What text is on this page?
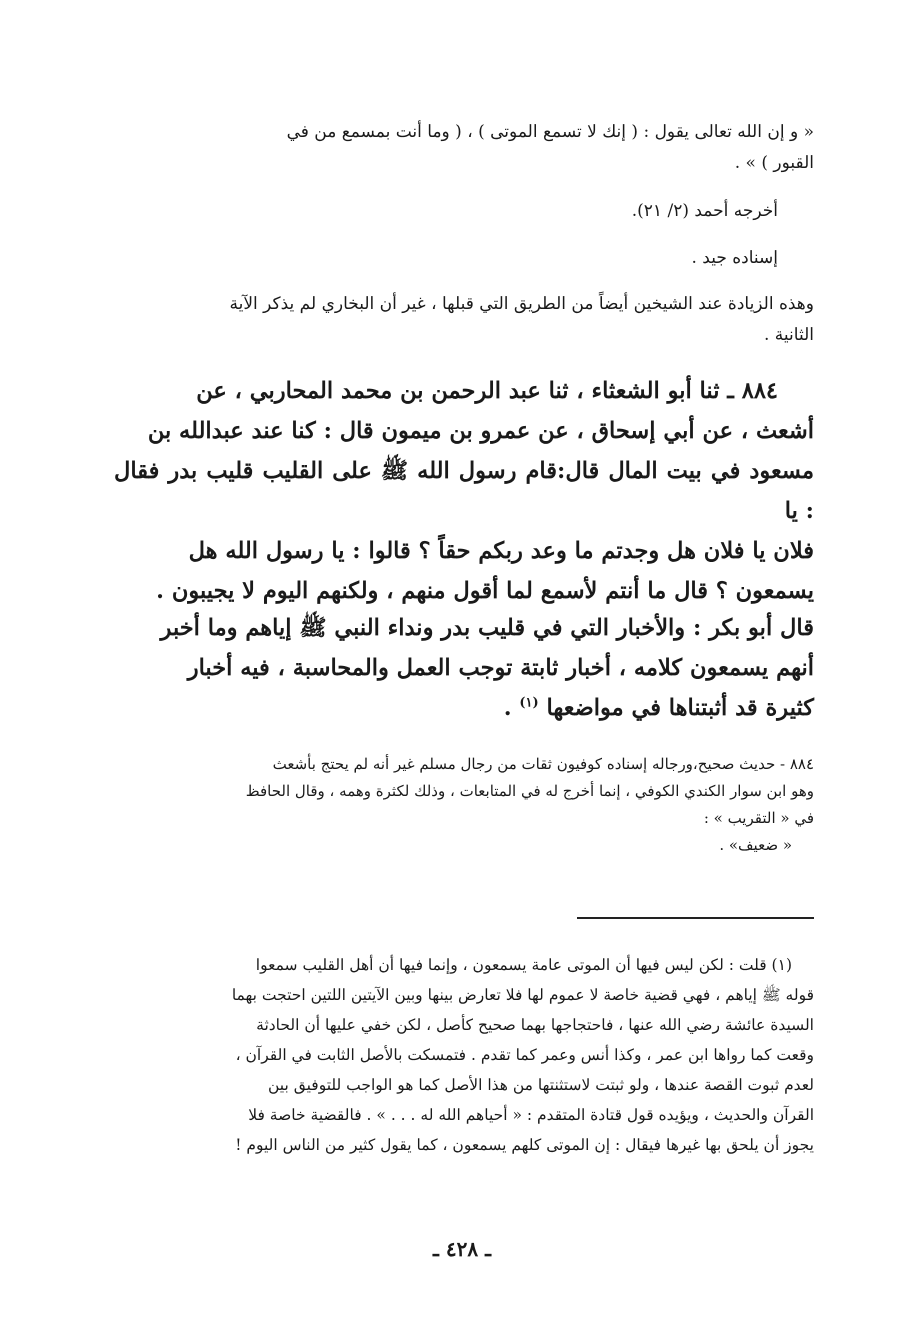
« و إن الله تعالى يقول : ( إنك لا تسمع الموتى ) ، ( وما أنت بمسمع من في

القبور ) » .

أخرجه أحمد (٢/ ٢١).

إسناده جيد .

وهذه الزيادة عند الشيخين أيضاً من الطريق التي قبلها ، غير أن البخاري لم يذكر الآية

الثانية .

٨٨٤ ـ ثنا أبو الشعثاء ، ثنا عبد الرحمن بن محمد المحاربي ، عن

أشعث ، عن أبي إسحاق ، عن عمرو بن ميمون قال : كنا عند عبدالله بن

مسعود في بيت المال قال:قام رسول الله ﷺ على القليب قليب بدر فقال : يا

فلان يا فلان هل وجدتم ما وعد ربكم حقاً ؟ قالوا : يا رسول الله هل

يسمعون ؟ قال ما أنتم لأسمع لما أقول منهم ، ولكنهم اليوم لا يجيبون .

قال أبو بكر : والأخبار التي في قليب بدر ونداء النبي ﷺ إياهم وما أخبر

أنهم يسمعون كلامه ، أخبار ثابتة توجب العمل والمحاسبة ، فيه أخبار

كثيرة قد أثبتناها في مواضعها $^{(١)}$ .

٨٨٤ - حديث صحيح،ورجاله إسناده كوفيون ثقات من رجال مسلم غير أنه لم يحتج بأشعث

وهو ابن سوار الكندي الكوفي ، إنما أخرج له في المتابعات ، وذلك لكثرة وهمه ، وقال الحافظ

في « التقريب » :

« ضعيف» .

(١) قلت : لكن ليس فيها أن الموتى عامة يسمعون ، وإنما فيها أن أهل القليب سمعوا

قوله ﷺ إياهم ، فهي قضية خاصة لا عموم لها فلا تعارض بينها وبين الآيتين اللتين احتجت بهما

السيدة عائشة رضي الله عنها ، فاحتجاجها بهما صحيح كأصل ، لكن خفي عليها أن الحادثة

وقعت كما رواها ابن عمر ، وكذا أنس وعمر كما تقدم . فتمسكت بالأصل الثابت في القرآن ،

لعدم ثبوت القصة عندها ، ولو ثبتت لاستثنتها من هذا الأصل كما هو الواجب للتوفيق بين

القرآن والحديث ، ويؤيده قول قتادة المتقدم : « أحياهم الله له . . . » . فالقضية خاصة فلا

يجوز أن يلحق بها غيرها فيقال : إن الموتى كلهم يسمعون ، كما يقول كثير من الناس اليوم !

ـ ٤٢٨ ـ
